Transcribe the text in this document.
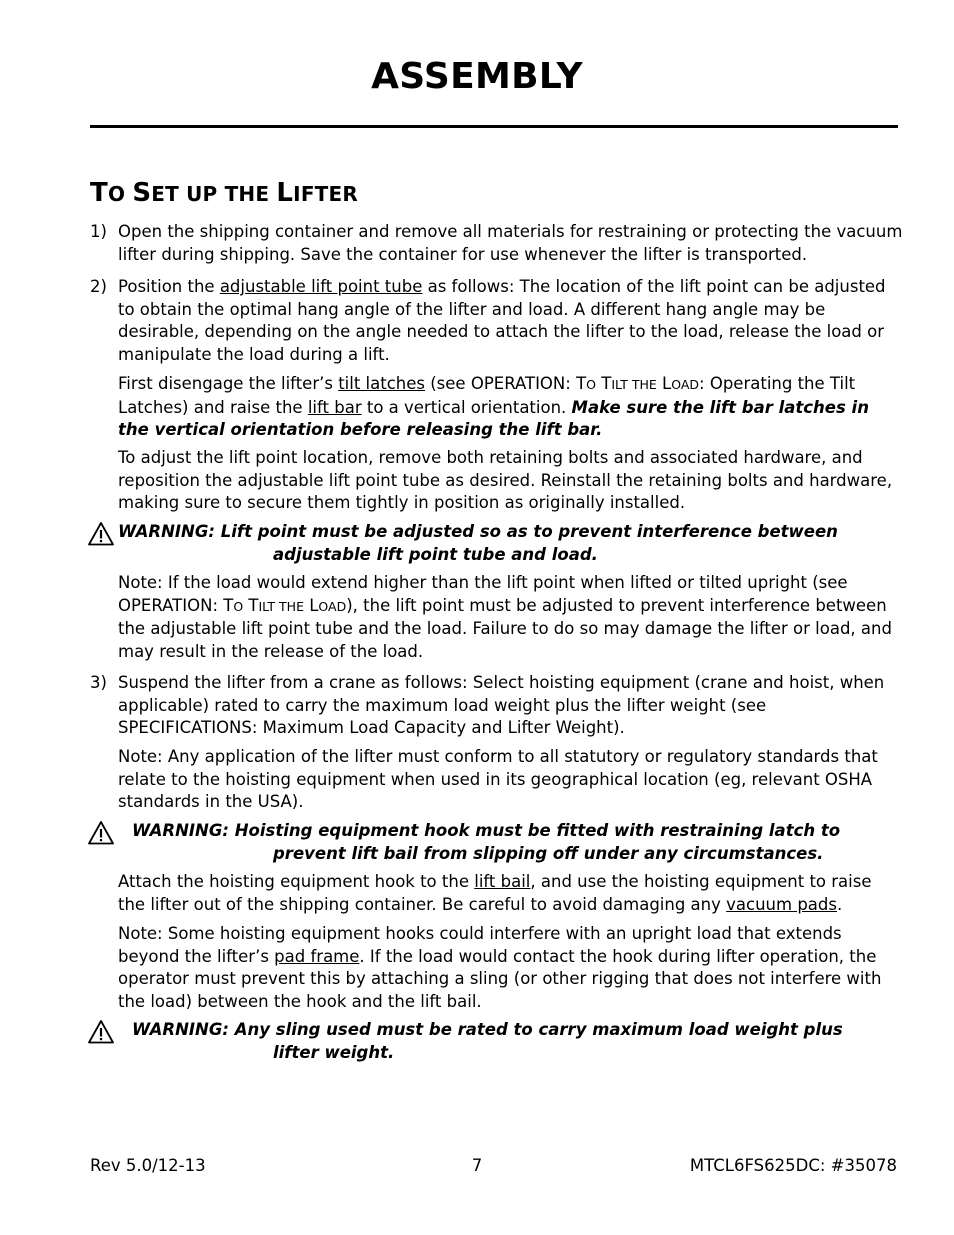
ASSEMBLY
TO SET UP THE LIFTER
1) Open the shipping container and remove all materials for restraining or protecting the vacuum
lifter during shipping. Save the container for use whenever the lifter is transported.
2) Position the adjustable lift point tube as follows: The location of the lift point can be adjusted to obtain the optimal hang angle of the lifter and load. A different hang angle may be desirable, depending on the angle needed to attach the lifter to the load, release the load or manipulate the load during a lift.
First disengage the lifter’s tilt latches (see OPERATION: TO TILT THE LOAD: Operating the Tilt Latches) and raise the lift bar to a vertical orientation. Make sure the lift bar latches in the vertical orientation before releasing the lift bar.
To adjust the lift point location, remove both retaining bolts and associated hardware, and reposition the adjustable lift point tube as desired. Reinstall the retaining bolts and hardware, making sure to secure them tightly in position as originally installed.
WARNING: Lift point must be adjusted so as to prevent interference between
adjustable lift point tube and load.
Note: If the load would extend higher than the lift point when lifted or tilted upright (see OPERATION: TO TILT THE LOAD), the lift point must be adjusted to prevent interference between the adjustable lift point tube and the load. Failure to do so may damage the lifter or load, and may result in the release of the load.
3) Suspend the lifter from a crane as follows: Select hoisting equipment (crane and hoist, when applicable) rated to carry the maximum load weight plus the lifter weight (see SPECIFICATIONS: Maximum Load Capacity and Lifter Weight).
Note: Any application of the lifter must conform to all statutory or regulatory standards that relate to the hoisting equipment when used in its geographical location (eg, relevant OSHA standards in the USA).
WARNING: Hoisting equipment hook must be fitted with restraining latch to
prevent lift bail from slipping off under any circumstances.
Attach the hoisting equipment hook to the lift bail, and use the hoisting equipment to raise the lifter out of the shipping container. Be careful to avoid damaging any vacuum pads.
Note: Some hoisting equipment hooks could interfere with an upright load that extends beyond the lifter’s pad frame. If the load would contact the hook during lifter operation, the operator must prevent this by attaching a sling (or other rigging that does not interfere with the load) between the hook and the lift bail.
WARNING: Any sling used must be rated to carry maximum load weight plus
lifter weight.
Rev 5.0/12-13	7	MTCL6FS625DC: #35078
